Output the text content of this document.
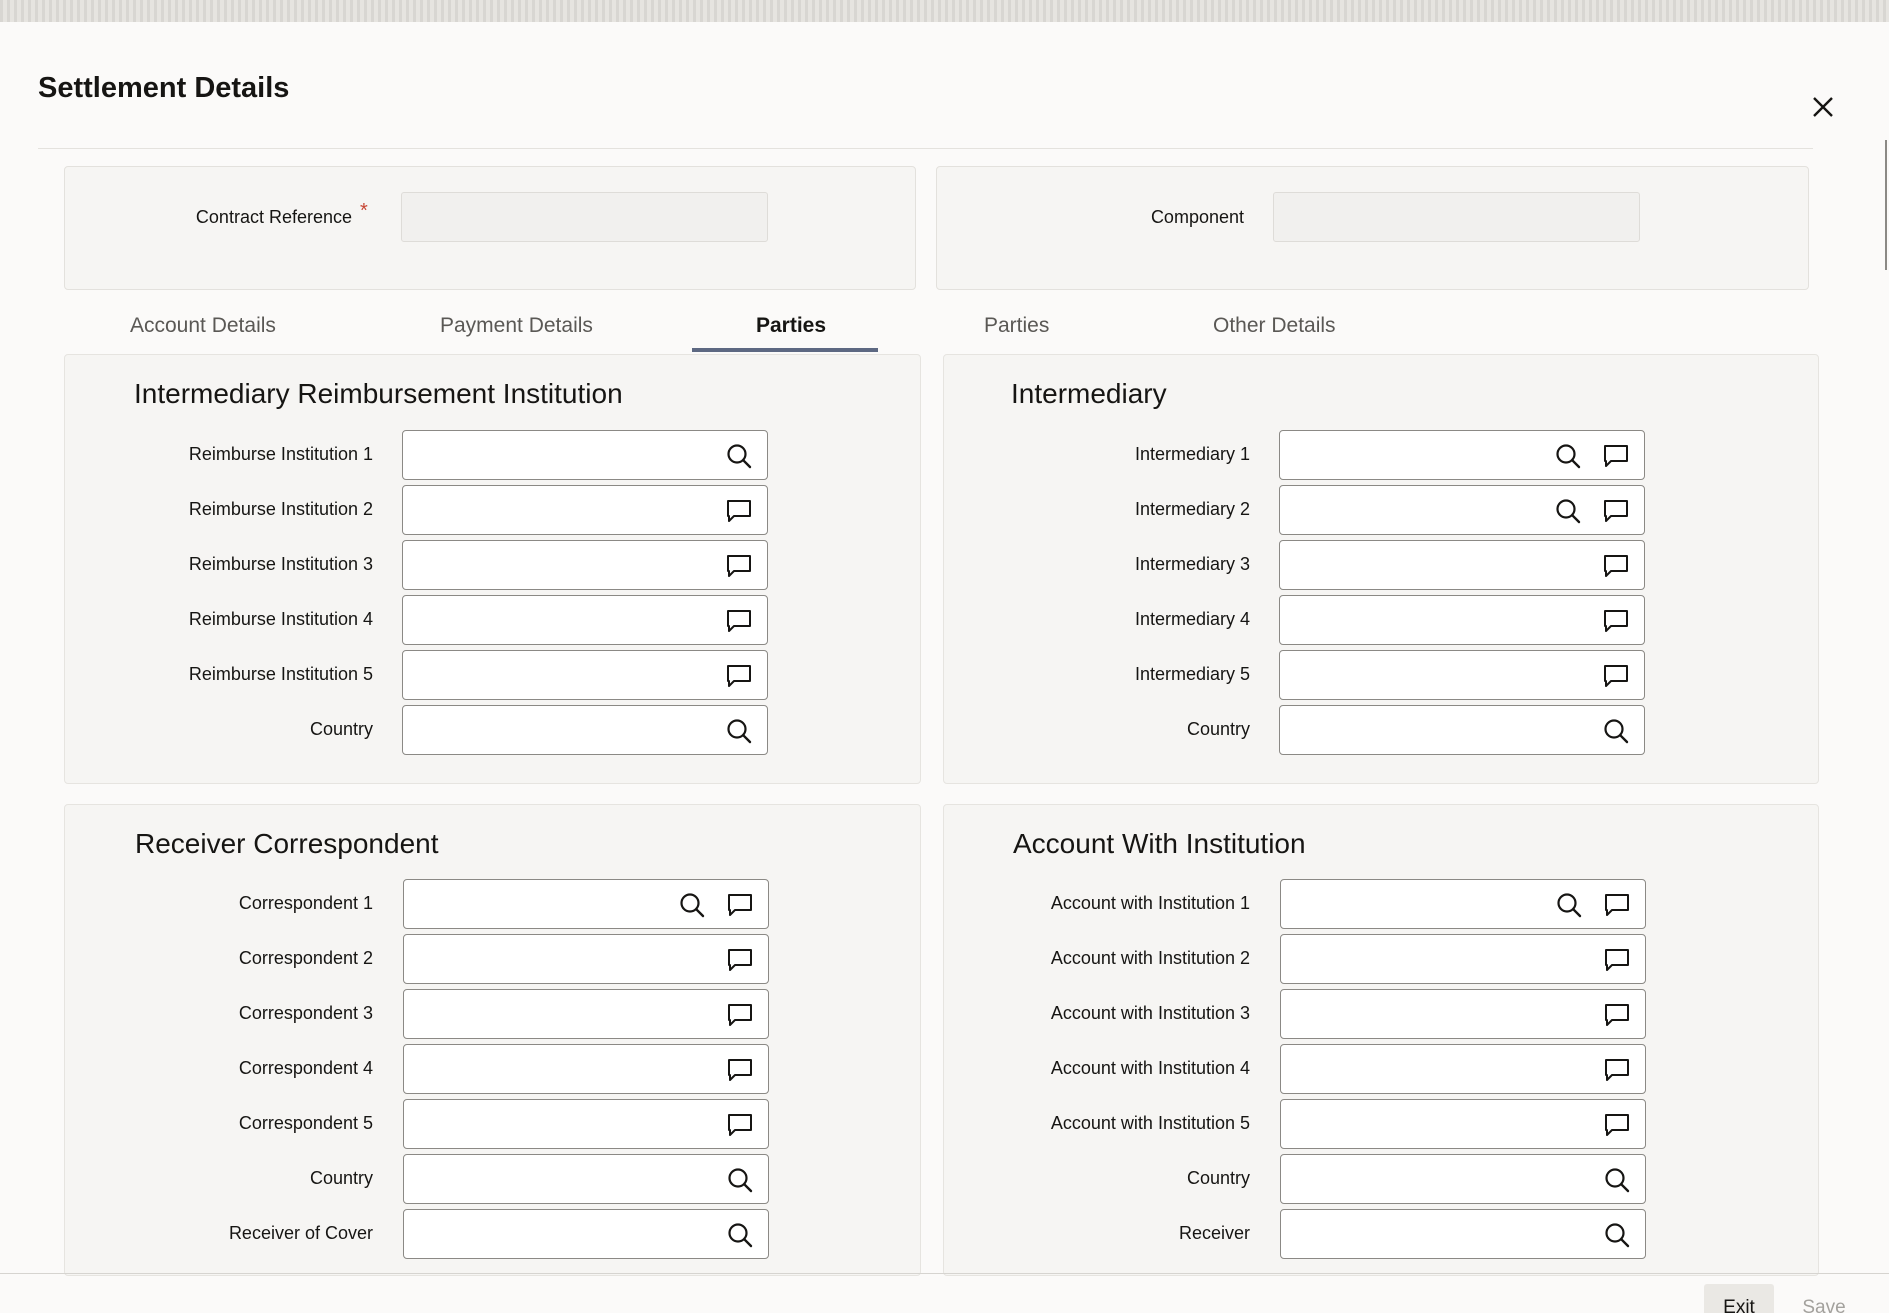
Settlement Details
Contract Reference *	Component
Account Details	Payment Details	Parties	Parties	Other Details
Intermediary Reimbursement Institution	Intermediary
Receiver Correspondent	Account With Institution
Reimburse Institution 1
Reimburse Institution 2
Reimburse Institution 3
Reimburse Institution 4
Reimburse Institution 5
Country
Intermediary 1
Intermediary 2
Intermediary 3
Intermediary 4
Intermediary 5
Country
Correspondent 1
Correspondent 2
Correspondent 3
Correspondent 4
Correspondent 5
Country
Receiver of Cover
Account with Institution 1
Account with Institution 2
Account with Institution 3
Account with Institution 4
Account with Institution 5
Country
Receiver
Exit	Save
